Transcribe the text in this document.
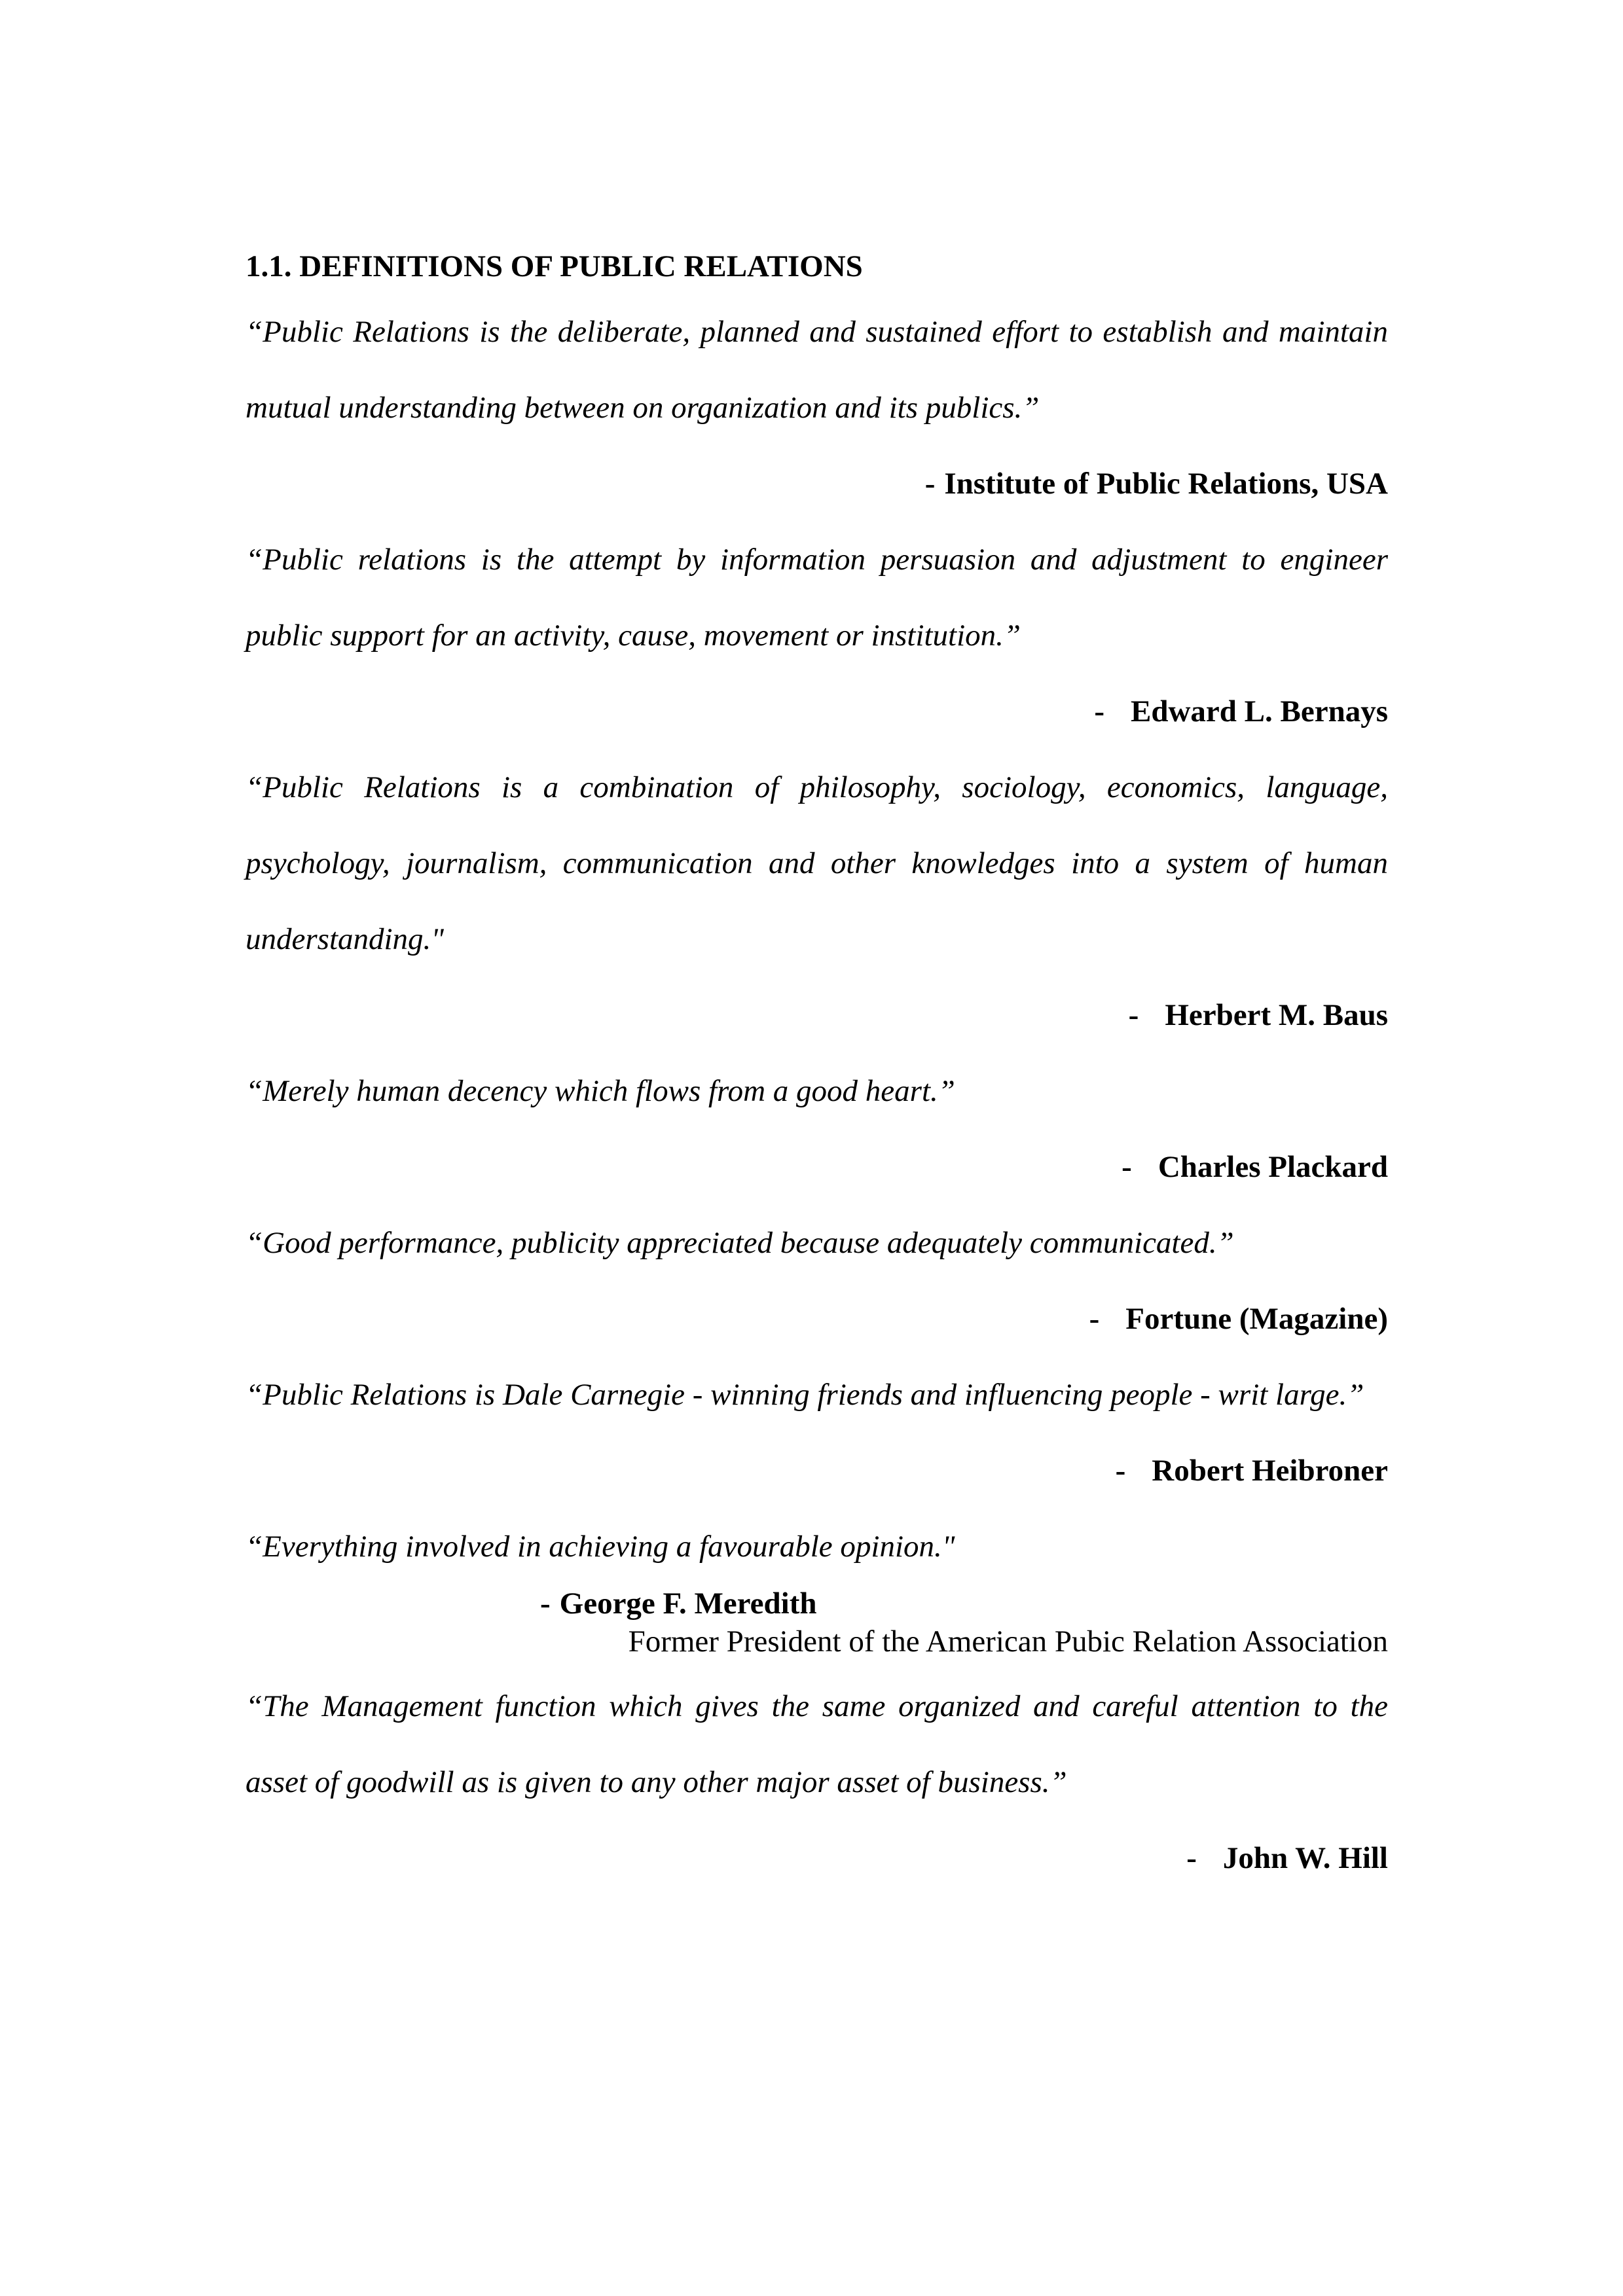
1.1. DEFINITIONS OF PUBLIC RELATIONS

“Public Relations is the deliberate, planned and sustained effort to establish and maintain mutual understanding between on organization and its publics.”

- Institute of Public Relations, USA

“Public relations is the attempt by information persuasion and adjustment to engineer public support for an activity, cause, movement or institution.”

- Edward L. Bernays

“Public Relations is a combination of philosophy, sociology, economics, language, psychology, journalism, communication and other knowledges into a system of human understanding."

- Herbert M. Baus

“Merely human decency which flows from a good heart.”

- Charles Plackard

“Good performance, publicity appreciated because adequately communicated.”

- Fortune (Magazine)

“Public Relations is Dale Carnegie - winning friends and influencing people - writ large.”

- Robert Heibroner

“Everything involved in achieving a favourable opinion."

- George F. Meredith
Former President of the American Pubic Relation Association

“The Management function which gives the same organized and careful attention to the asset of goodwill as is given to any other major asset of business.”

- John W. Hill
